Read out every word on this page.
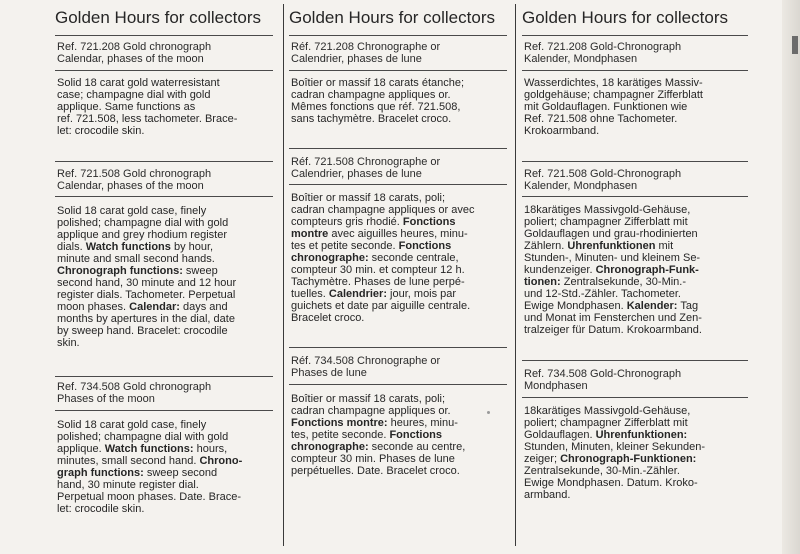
Golden Hours for collectors
Ref. 721.208 Gold chronograph
Calendar, phases of the moon
Solid 18 carat gold waterresistant
case; champagne dial with gold
applique. Same functions as
ref. 721.508, less tachometer. Brace-
let: crocodile skin.
Ref. 721.508 Gold chronograph
Calendar, phases of the moon
Solid 18 carat gold case, finely
polished; champagne dial with gold
applique and grey rhodium register
dials. Watch functions by hour,
minute and small second hands.
Chronograph functions: sweep
second hand, 30 minute and 12 hour
register dials. Tachometer. Perpetual
moon phases. Calendar: days and
months by apertures in the dial, date
by sweep hand. Bracelet: crocodile
skin.
Ref. 734.508 Gold chronograph
Phases of the moon
Solid 18 carat gold case, finely
polished; champagne dial with gold
applique. Watch functions: hours,
minutes, small second hand. Chrono-
graph functions: sweep second
hand, 30 minute register dial.
Perpetual moon phases. Date. Brace-
let: crocodile skin.
Golden Hours for collectors
Réf. 721.208 Chronographe or
Calendrier, phases de lune
Boîtier or massif 18 carats étanche;
cadran champagne appliques or.
Mêmes fonctions que réf. 721.508,
sans tachymètre. Bracelet croco.
Réf. 721.508 Chronographe or
Calendrier, phases de lune
Boîtier or massif 18 carats, poli;
cadran champagne appliques or avec
compteurs gris rhodié. Fonctions
montre avec aiguilles heures, minu-
tes et petite seconde. Fonctions
chronographe: seconde centrale,
compteur 30 min. et compteur 12 h.
Tachymètre. Phases de lune perpé-
tuelles. Calendrier: jour, mois par
guichets et date par aiguille centrale.
Bracelet croco.
Réf. 734.508 Chronographe or
Phases de lune
Boîtier or massif 18 carats, poli;
cadran champagne appliques or.
Fonctions montre: heures, minu-
tes, petite seconde. Fonctions
chronographe: seconde au centre,
compteur 30 min. Phases de lune
perpétuelles. Date. Bracelet croco.
Golden Hours for collectors
Ref. 721.208 Gold-Chronograph
Kalender, Mondphasen
Wasserdichtes, 18 karätiges Massiv-
goldgehäuse; champagner Zifferblatt
mit Goldauflagen. Funktionen wie
Ref. 721.508 ohne Tachometer.
Krokoarmband.
Ref. 721.508 Gold-Chronograph
Kalender, Mondphasen
18karätiges Massivgold-Gehäuse,
poliert; champagner Zifferblatt mit
Goldauflagen und grau-rhodinierten
Zählern. Uhrenfunktionen mit
Stunden-, Minuten- und kleinem Se-
kundenzeiger. Chronograph-Funk-
tionen: Zentralsekunde, 30-Min.-
und 12-Std.-Zähler. Tachometer.
Ewige Mondphasen. Kalender: Tag
und Monat im Fensterchen und Zen-
tralzeiger für Datum. Krokoarmband.
Ref. 734.508 Gold-Chronograph
Mondphasen
18karätiges Massivgold-Gehäuse,
poliert; champagner Zifferblatt mit
Goldauflagen. Uhrenfunktionen:
Stunden, Minuten, kleiner Sekunden-
zeiger; Chronograph-Funktionen:
Zentralsekunde, 30-Min.-Zähler.
Ewige Mondphasen. Datum. Kroko-
armband.
